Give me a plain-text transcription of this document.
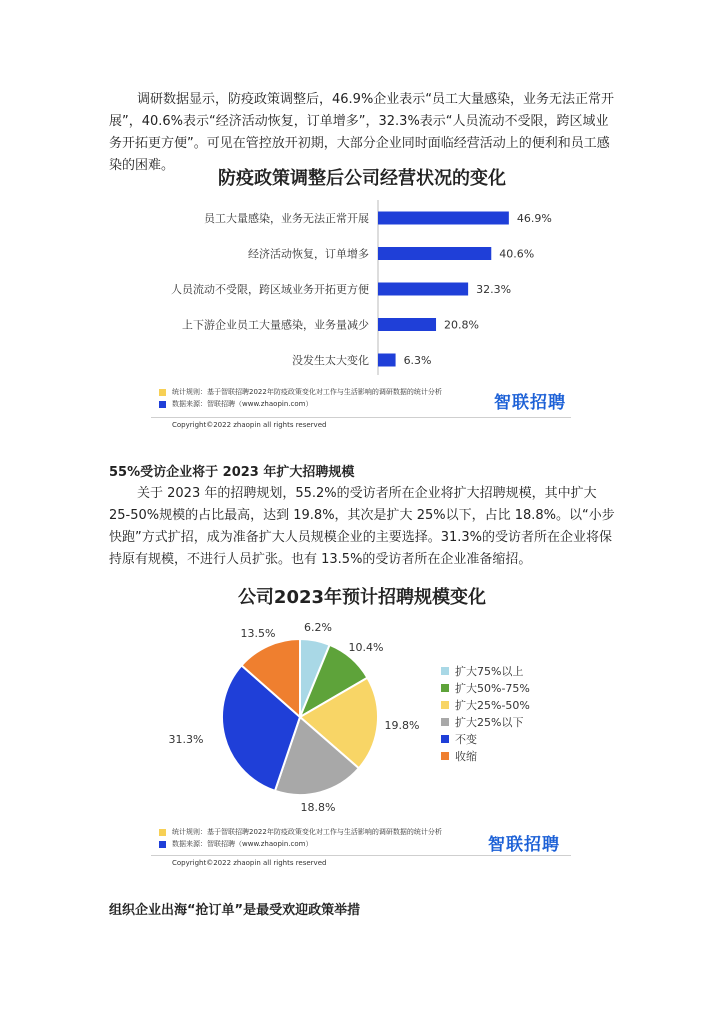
调研数据显示，防疫政策调整后，46.9%企业表示“员工大量感染，业务无法正常开展”，40.6%表示“经济活动恢复，订单增多”，32.3%表示“人员流动不受限，跨区域业务开拓更方便”。可见在管控放开初期，大部分企业同时面临经营活动上的便利和员工感染的困难。

防疫政策调整后公司经营状况的变化
员工大量感染，业务无法正常开展	46.9%
经济活动恢复，订单增多	40.6%
人员流动不受限，跨区域业务开拓更方便	32.3%
上下游企业员工大量感染，业务量减少	20.8%
没发生太大变化	6.3%
统计规则：基于智联招聘2022年防疫政策变化对工作与生活影响的调研数据的统计分析
数据来源：智联招聘（www.zhaopin.com）	智联招聘
Copyright©2022 zhaopin all rights reserved

55%受访企业将于 2023 年扩大招聘规模

关于 2023 年的招聘规划，55.2%的受访者所在企业将扩大招聘规模，其中扩大 25-50%规模的占比最高，达到 19.8%，其次是扩大 25%以下，占比 18.8%。以“小步快跑”方式扩招，成为准备扩大人员规模企业的主要选择。31.3%的受访者所在企业将保持原有规模，不进行人员扩张。也有 13.5%的受访者所在企业准备缩招。

公司2023年预计招聘规模变化
6.2%
10.4%
19.8%
18.8%
31.3%
13.5%
扩大75%以上
扩大50%-75%
扩大25%-50%
扩大25%以下
不变
收缩
统计规则：基于智联招聘2022年防疫政策变化对工作与生活影响的调研数据的统计分析
数据来源：智联招聘（www.zhaopin.com）	智联招聘
Copyright©2022 zhaopin all rights reserved

组织企业出海“抢订单”是最受欢迎政策举措
